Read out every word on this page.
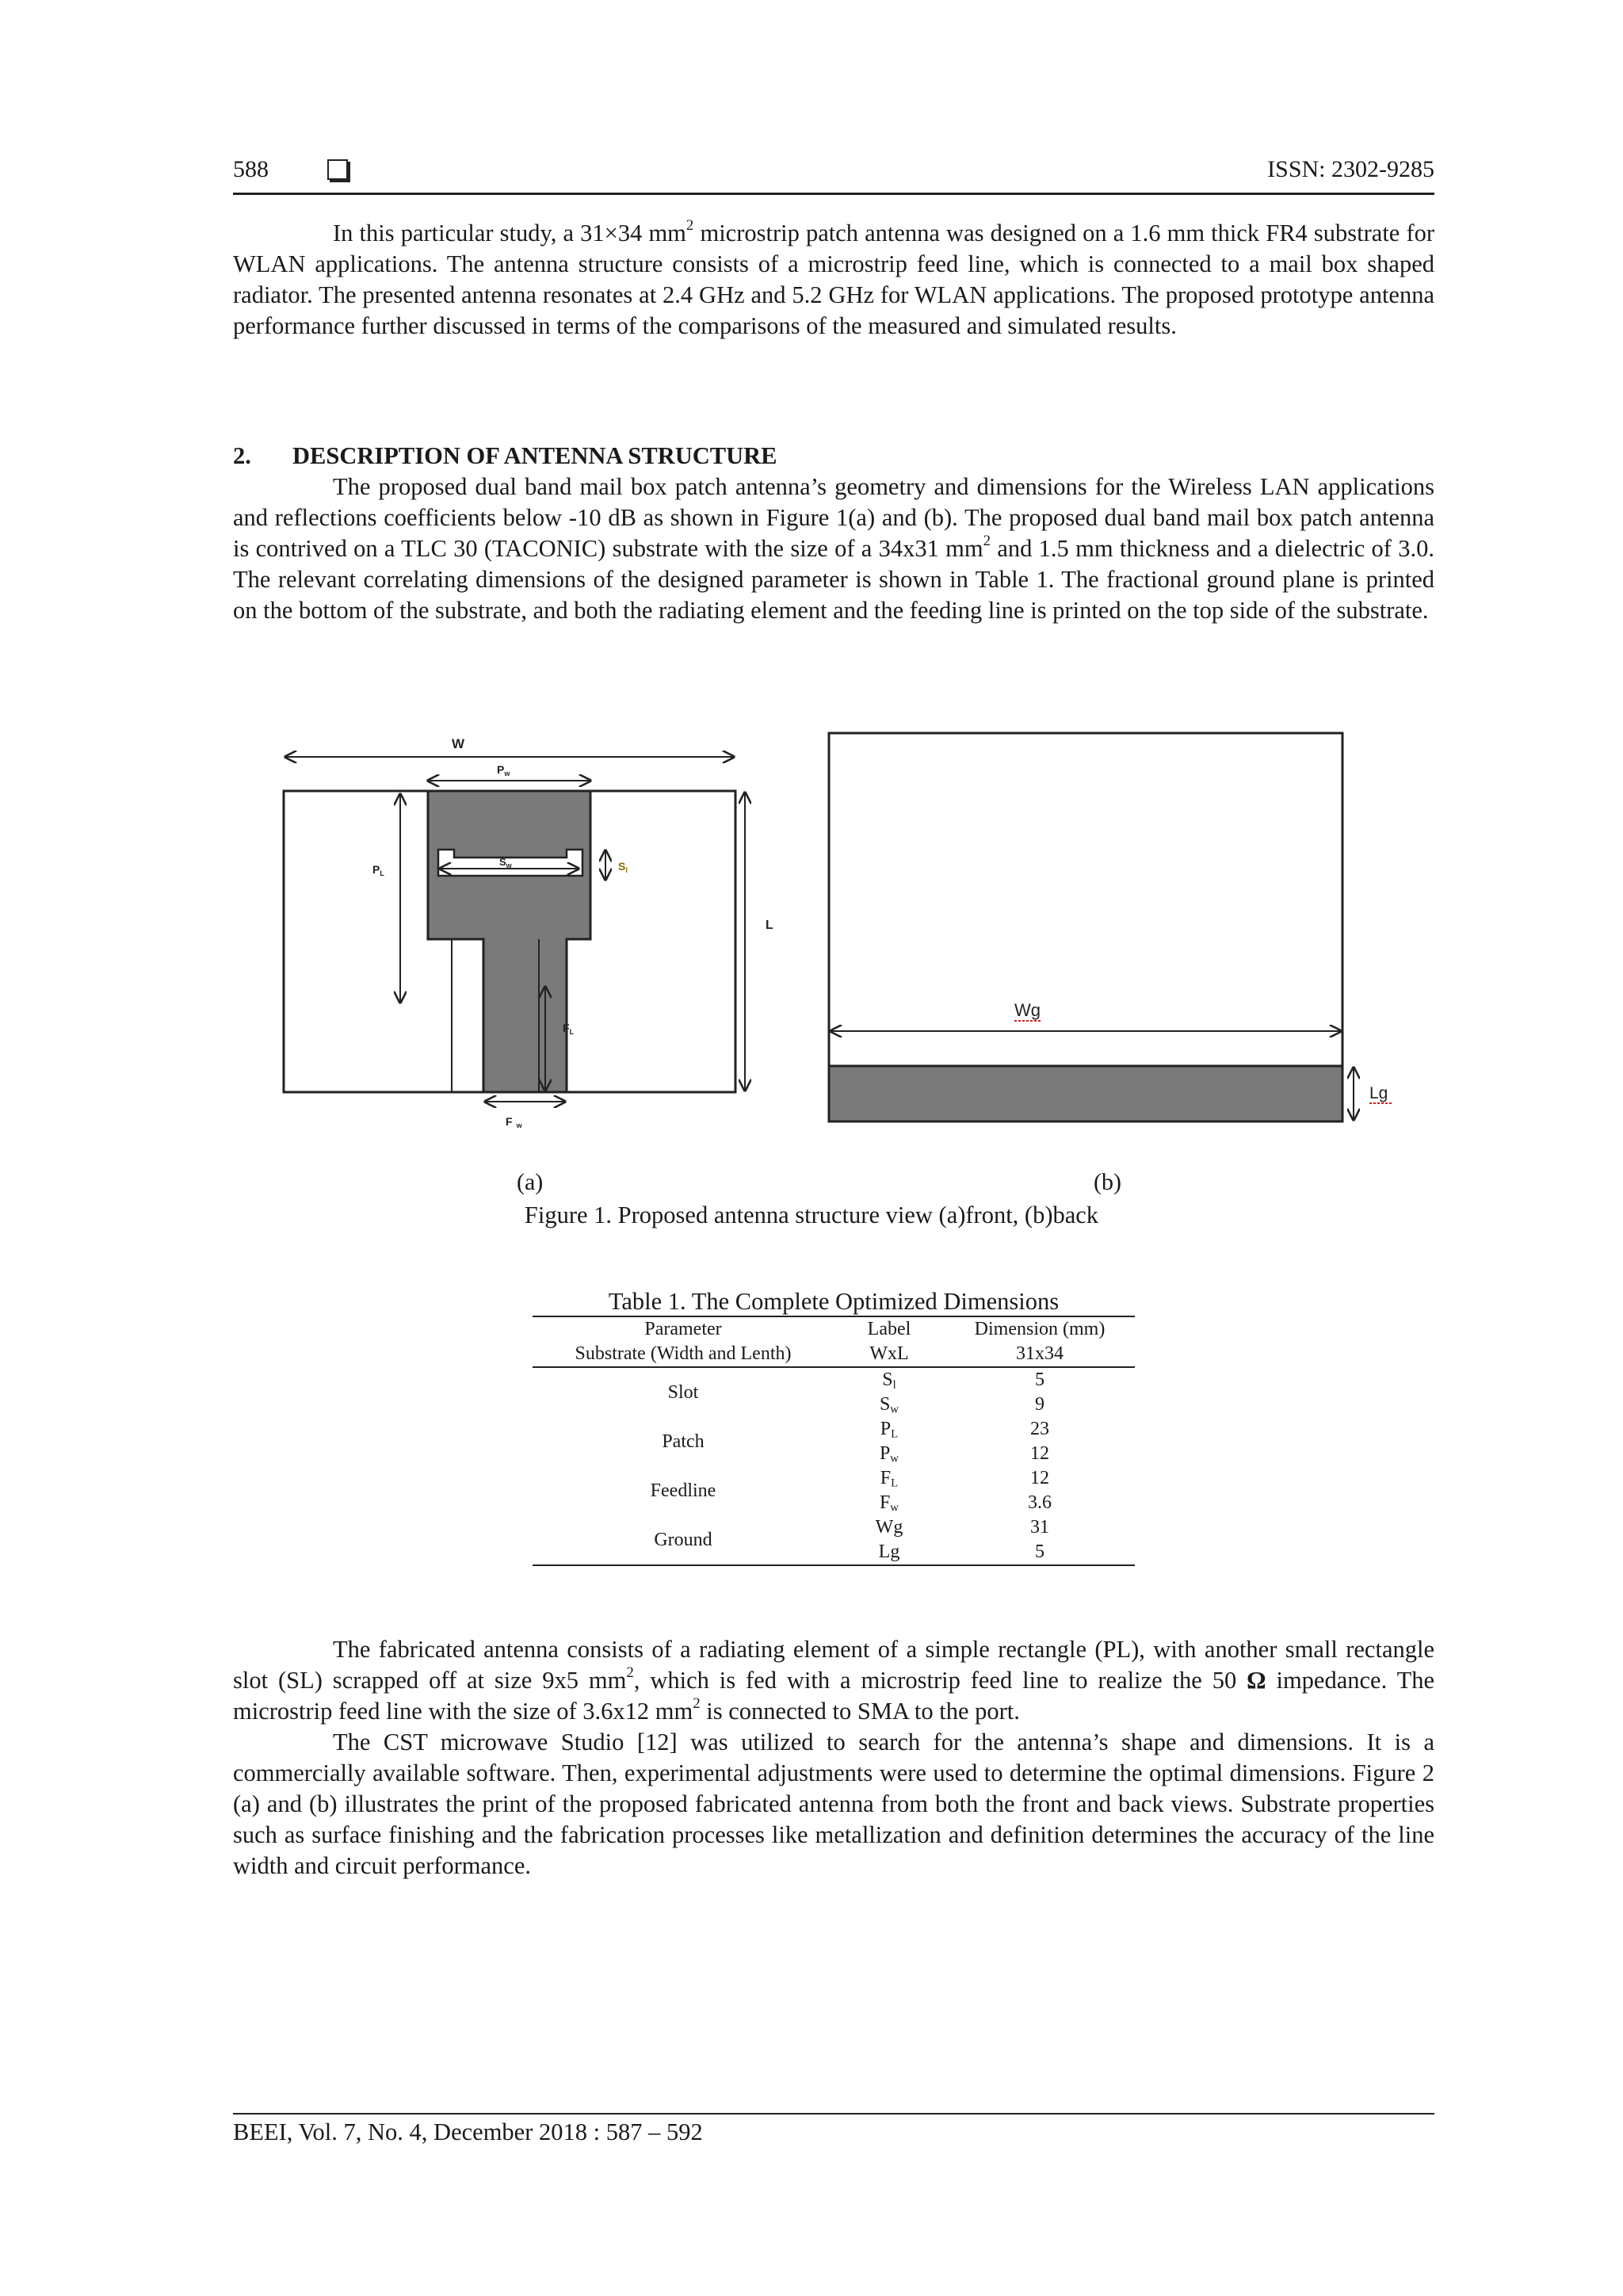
588	ISSN: 2302-9285

In this particular study, a 31×34 $mm^2$ microstrip patch antenna was designed on a 1.6 mm thick FR4 substrate for WLAN applications. The antenna structure consists of a microstrip feed line, which is connected to a mail box shaped radiator. The presented antenna resonates at 2.4 GHz and 5.2 GHz for WLAN applications. The proposed prototype antenna performance further discussed in terms of the comparisons of the measured and simulated results.

2. DESCRIPTION OF ANTENNA STRUCTURE

The proposed dual band mail box patch antenna’s geometry and dimensions for the Wireless LAN applications and reflections coefficients below -10 dB as shown in Figure 1(a) and (b). The proposed dual band mail box patch antenna is contrived on a TLC 30 (TACONIC) substrate with the size of a 34x31 $mm^2$ and 1.5 mm thickness and a dielectric of 3.0. The relevant correlating dimensions of the designed parameter is shown in Table 1. The fractional ground plane is printed on the bottom of the substrate, and both the radiating element and the feeding line is printed on the top side of the substrate.

W
$P_w$
$P_L$
$S_w$	$S_l$
L
$F_L$
F $_w$
Wg
Lg
(a)	(b)
Figure 1. Proposed antenna structure view (a)front, (b)back
Table 1. The Complete Optimized Dimensions
Parameter	Label	Dimension (mm)
Substrate (Width and Lenth)	WxL	31x34
Slot	$S_l$	5
	$S_w$	9
Patch	$P_L$	23
	$P_w$	12
Feedline	$F_L$	12
	$F_w$	3.6
Ground	Wg	31
	Lg	5

The fabricated antenna consists of a radiating element of a simple rectangle (PL), with another small rectangle slot (SL) scrapped off at size 9x5 $mm^2$, which is fed with a microstrip feed line to realize the 50 Ω impedance. The microstrip feed line with the size of 3.6x12 $mm^2$ is connected to SMA to the port.

The CST microwave Studio [12] was utilized to search for the antenna’s shape and dimensions. It is a commercially available software. Then, experimental adjustments were used to determine the optimal dimensions. Figure 2 (a) and (b) illustrates the print of the proposed fabricated antenna from both the front and back views. Substrate properties such as surface finishing and the fabrication processes like metallization and definition determines the accuracy of the line width and circuit performance.

BEEI, Vol. 7, No. 4, December 2018 : 587 – 592
